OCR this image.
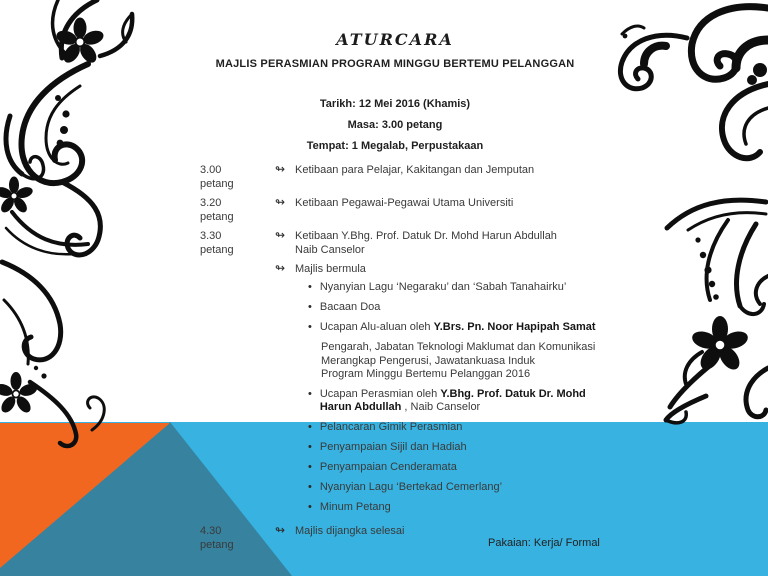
ATURCARA
MAJLIS PERASMIAN PROGRAM MINGGU BERTEMU PELANGGAN
Tarikh: 12 Mei 2016 (Khamis)
Masa: 3.00 petang
Tempat: 1 Megalab, Perpustakaan
3.00 petang
↬ Ketibaan para Pelajar, Kakitangan dan Jemputan
3.20 petang
↬ Ketibaan Pegawai-Pegawai Utama Universiti
3.30 petang
↬ Ketibaan Y.Bhg. Prof. Datuk Dr. Mohd Harun Abdullah
Naib Canselor
↬ Majlis bermula
• Nyanyian Lagu ‘Negaraku’ dan ‘Sabah Tanahairku’
• Bacaan Doa
• Ucapan Alu-aluan oleh Y.Brs. Pn. Noor Hapipah Samat
Pengarah, Jabatan Teknologi Maklumat dan Komunikasi
Merangkap Pengerusi, Jawatankuasa Induk
Program Minggu Bertemu Pelanggan 2016
• Ucapan Perasmian oleh Y.Bhg. Prof. Datuk Dr. Mohd Harun Abdullah , Naib Canselor
• Pelancaran Gimik Perasmian
• Penyampaian Sijil dan Hadiah
• Penyampaian Cenderamata
• Nyanyian Lagu ‘Bertekad Cemerlang’
• Minum Petang
4.30 petang
↬ Majlis dijangka selesai
Pakaian: Kerja/ Formal
